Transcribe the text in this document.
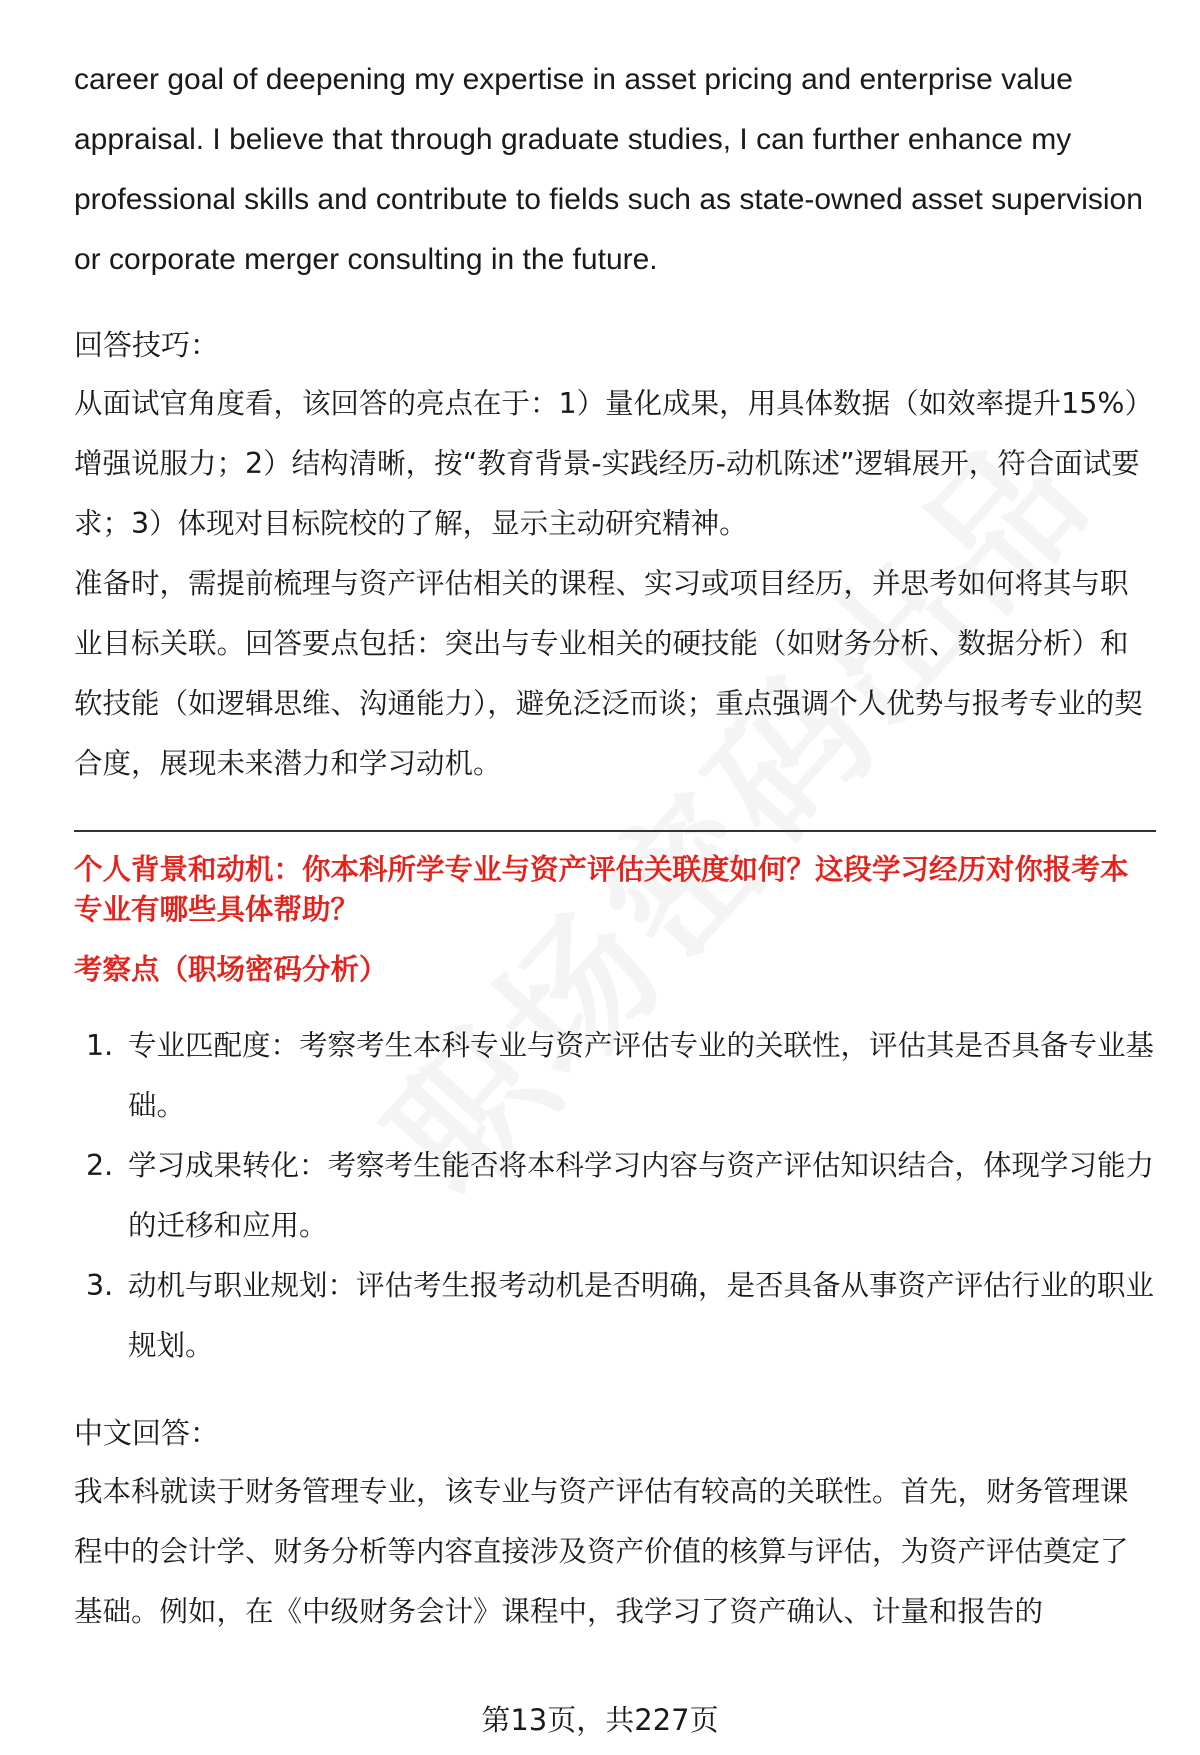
career goal of deepening my expertise in asset pricing and enterprise value appraisal. I believe that through graduate studies, I can further enhance my professional skills and contribute to fields such as state-owned asset supervision or corporate merger consulting in the future.

回答技巧：

从面试官角度看，该回答的亮点在于：1）量化成果，用具体数据（如效率提升15%）增强说服力；2）结构清晰，按“教育背景-实践经历-动机陈述”逻辑展开，符合面试要求；3）体现对目标院校的了解，显示主动研究精神。

准备时，需提前梳理与资产评估相关的课程、实习或项目经历，并思考如何将其与职业目标关联。回答要点包括：突出与专业相关的硬技能（如财务分析、数据分析）和软技能（如逻辑思维、沟通能力），避免泛泛而谈；重点强调个人优势与报考专业的契合度，展现未来潜力和学习动机。

个人背景和动机：你本科所学专业与资产评估关联度如何？这段学习经历对你报考本专业有哪些具体帮助？

考察点（职场密码分析）

1. 专业匹配度：考察考生本科专业与资产评估专业的关联性，评估其是否具备专业基础。
2. 学习成果转化：考察考生能否将本科学习内容与资产评估知识结合，体现学习能力的迁移和应用。
3. 动机与职业规划：评估考生报考动机是否明确，是否具备从事资产评估行业的职业规划。

中文回答：

我本科就读于财务管理专业，该专业与资产评估有较高的关联性。首先，财务管理课程中的会计学、财务分析等内容直接涉及资产价值的核算与评估，为资产评估奠定了基础。例如，在《中级财务会计》课程中，我学习了资产确认、计量和报告的

第13页，共227页
